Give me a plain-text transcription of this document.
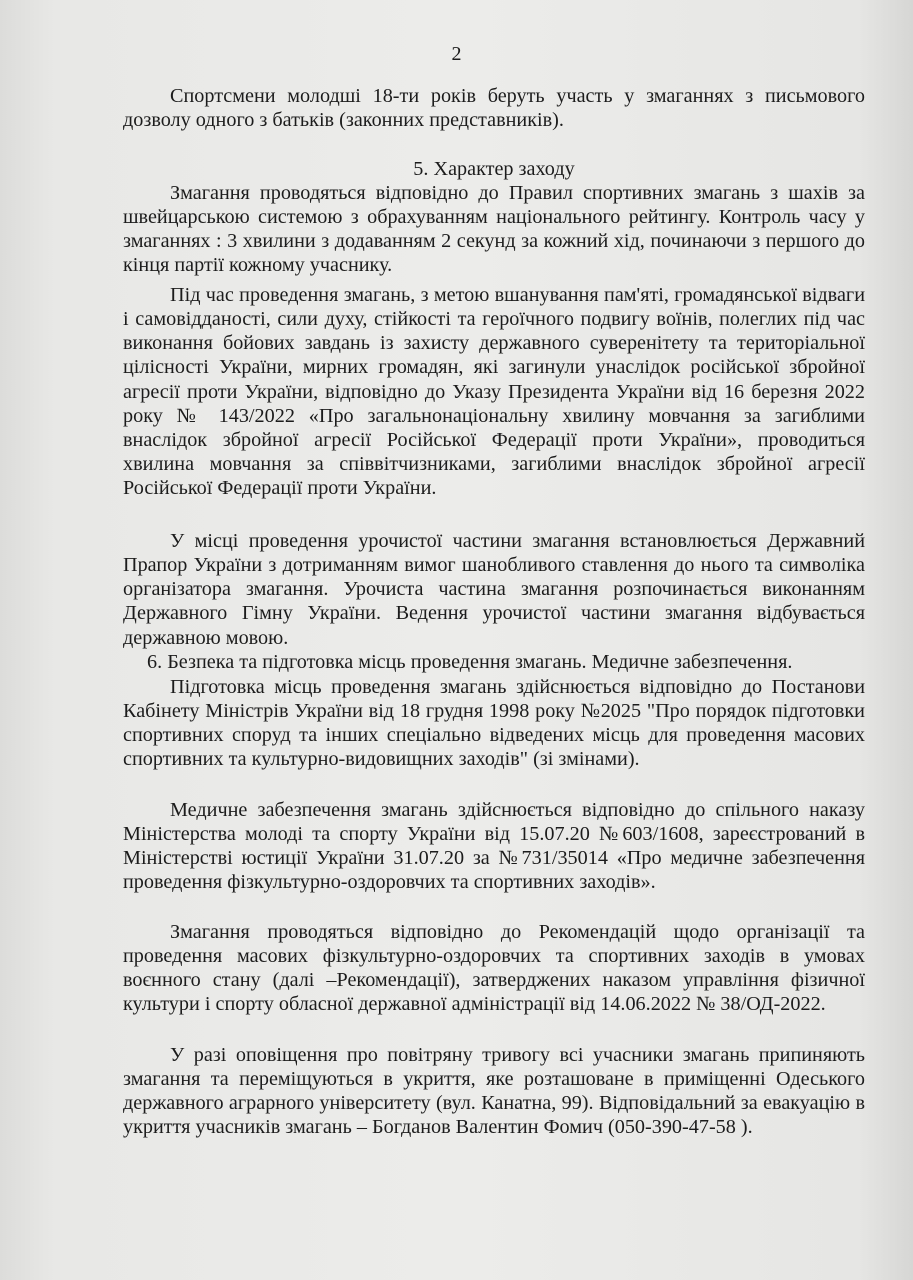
2
Спортсмени молодші 18-ти років беруть участь у змаганнях з письмового дозволу одного з батьків (законних представників).
5. Характер заходу
Змагання проводяться відповідно до Правил спортивних змагань з шахів за швейцарською системою з обрахуванням національного рейтингу. Контроль часу у змаганнях : 3 хвилини з додаванням 2 секунд за кожний хід, починаючи з першого до кінця партії кожному учаснику.
Під час проведення змагань, з метою вшанування пам'яті, громадянської відваги і самовідданості, сили духу, стійкості та героїчного подвигу воїнів, полеглих під час виконання бойових завдань із захисту державного суверенітету та територіальної цілісності України, мирних громадян, які загинули унаслідок російської збройної агресії проти України, відповідно до Указу Президента України від 16 березня 2022 року № 143/2022 «Про загальнонаціональну хвилину мовчання за загиблими внаслідок збройної агресії Російської Федерації проти України», проводиться хвилина мовчання за співвітчизниками, загиблими внаслідок збройної агресії Російської Федерації проти України.
У місці проведення урочистої частини змагання встановлюється Державний Прапор України з дотриманням вимог шанобливого ставлення до нього та символіка організатора змагання. Урочиста частина змагання розпочинається виконанням Державного Гімну України. Ведення урочистої частини змагання відбувається державною мовою.
6. Безпека та підготовка місць проведення змагань. Медичне забезпечення.
Підготовка місць проведення змагань здійснюється відповідно до Постанови Кабінету Міністрів України від 18 грудня 1998 року №2025 "Про порядок підготовки спортивних споруд та інших спеціально відведених місць для проведення масових спортивних та культурно-видовищних заходів" (зі змінами).
Медичне забезпечення змагань здійснюється відповідно до спільного наказу Міністерства молоді та спорту України від 15.07.20 №603/1608, зареєстрований в Міністерстві юстиції України 31.07.20 за №731/35014 «Про медичне забезпечення проведення фізкультурно-оздоровчих та спортивних заходів».
Змагання проводяться відповідно до Рекомендацій щодо організації та проведення масових фізкультурно-оздоровчих та спортивних заходів в умовах воєнного стану (далі –Рекомендації), затверджених наказом управління фізичної культури і спорту обласної державної адміністрації від 14.06.2022 № 38/ОД-2022.
У разі оповіщення про повітряну тривогу всі учасники змагань припиняють змагання та переміщуються в укриття, яке розташоване в приміщенні Одеського державного аграрного університету (вул. Канатна, 99). Відповідальний за евакуацію в укриття учасників змагань – Богданов Валентин Фомич (050-390-47-58 ).
